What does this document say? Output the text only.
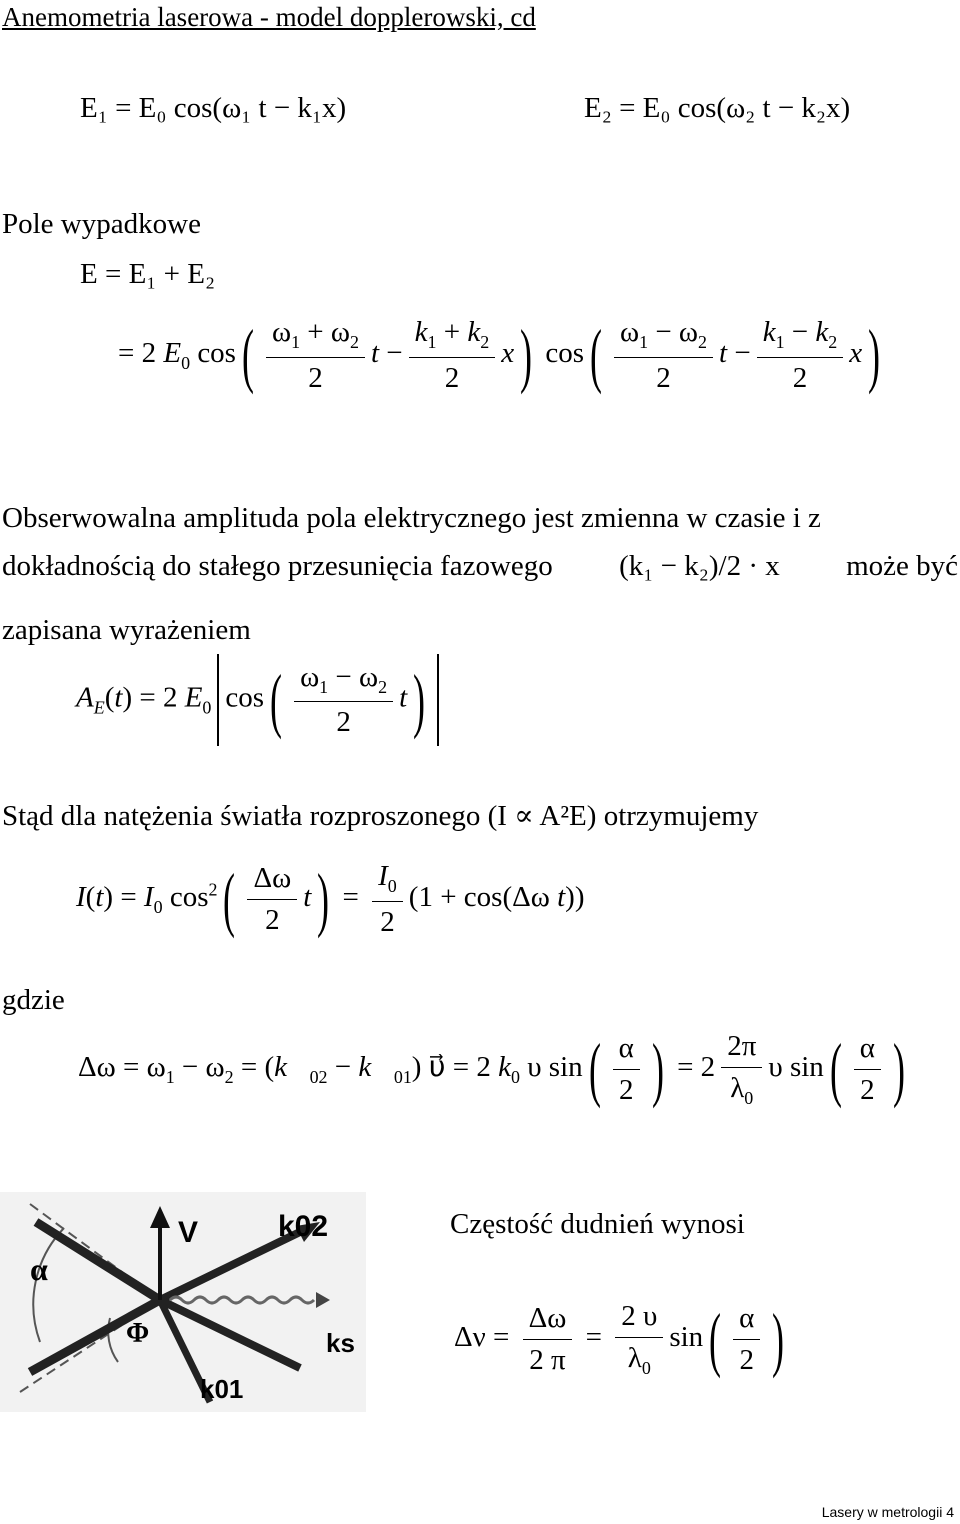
Anemometria laserowa - model dopplerowski, cd
E₁ = E₀ cos(ω₁ t − k₁x)	E₂ = E₀ cos(ω₂ t − k₂x)
Pole wypadkowe
E = E₁ + E₂
= 2 $E_0$ $\cos( \frac{\omega_1 + \omega_2}{2}$ $t - \frac{k_1 + k_2}{2} x$) $\cos( \frac{\omega_1 - \omega_2}{2}$ $t - \frac{k_1 - k_2}{2} x$)
Obserwowalna amplituda pola elektrycznego jest zmienna w czasie i z
dokładnością do stałego przesunięcia fazowego (k₁ − k₂)/2 · x może być
zapisana wyrażeniem
$A_E(t) = 2$ $E_0$ $\cos( \frac{\omega_1 - \omega_2}{2} t)$
Stąd dla natężenia światła rozproszonego (I ∝ A²E) otrzymujemy
$I(t) = I_0$ $\cos^2( \frac{\Delta\omega}{2} t) = \frac{I_0}{2} (1 + \cos(\Delta\omega$ t))
gdzie
$\Delta\omega = \omega_1 - \omega_2$ = ($k⃗_{02}$ − $k⃗_{01}$) υ⃗ = 2 $k_0$ υ $\sin( \frac{\alpha}{2}$ ) = $2 \frac{2\pi}{\lambda_0}$ υ $\sin( \frac{\alpha}{2}$ )
V	k02
α
Φ	ks
k01
Częstość dudnień wynosi
$\Delta\nu = \frac{\Delta\omega}{2 \pi} = \frac{2 \upsilon}{\lambda_0} \sin( \frac{\alpha}{2}$ )
Lasery w metrologii 4
